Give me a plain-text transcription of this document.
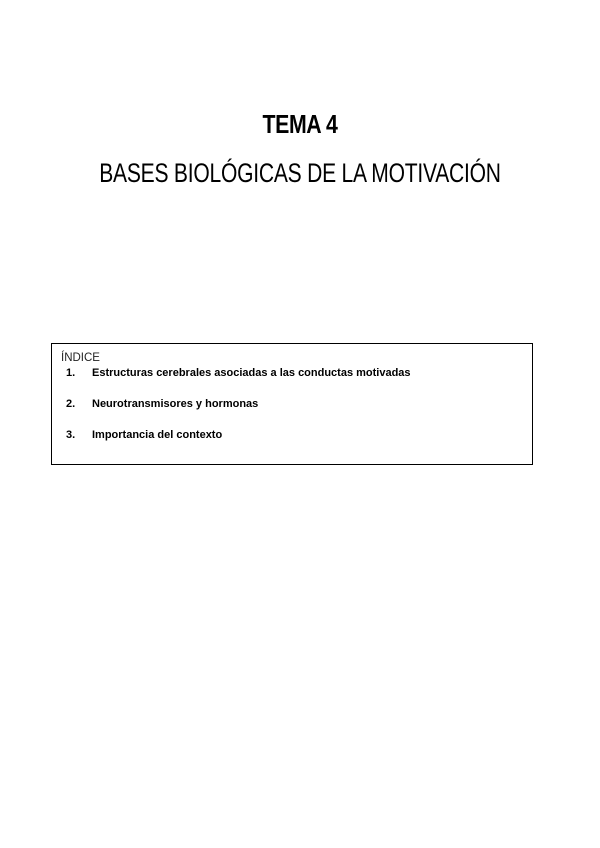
TEMA 4
BASES BIOLÓGICAS DE LA MOTIVACIÓN
ÍNDICE
1.	Estructuras cerebrales asociadas a las conductas motivadas
2.	Neurotransmisores y hormonas
3.	Importancia del contexto
